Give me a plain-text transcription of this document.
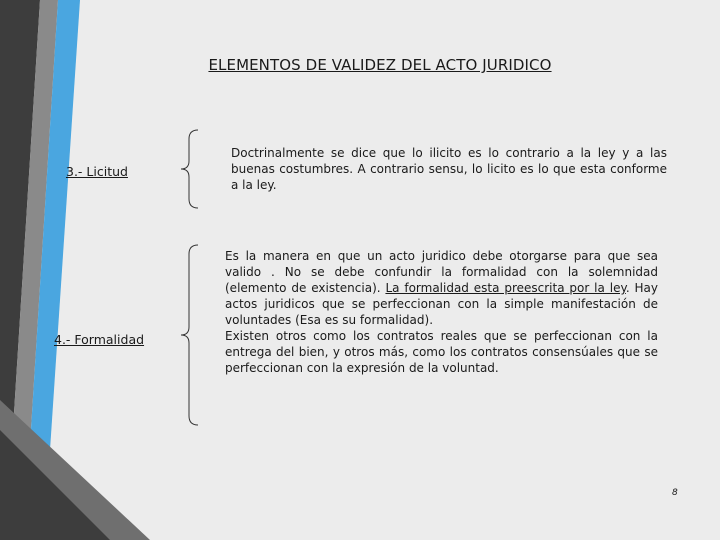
ELEMENTOS DE VALIDEZ DEL ACTO JURIDICO
3.- Licitud
4.- Formalidad
Doctrinalmente se dice que lo ilicito es lo contrario a la ley y a las buenas costumbres. A contrario sensu, lo licito es lo que esta conforme a la ley.
Es la manera en que un acto juridico debe otorgarse para que sea valido . No se debe confundir la formalidad con la solemnidad (elemento de existencia). La formalidad esta preescrita por la ley. Hay actos juridicos que se perfeccionan con la simple manifestación de voluntades (Esa es su formalidad).
Existen otros como los contratos reales que se perfeccionan con la entrega del bien, y otros más, como los contratos consensúales que se perfeccionan con la expresión de la voluntad.
8
